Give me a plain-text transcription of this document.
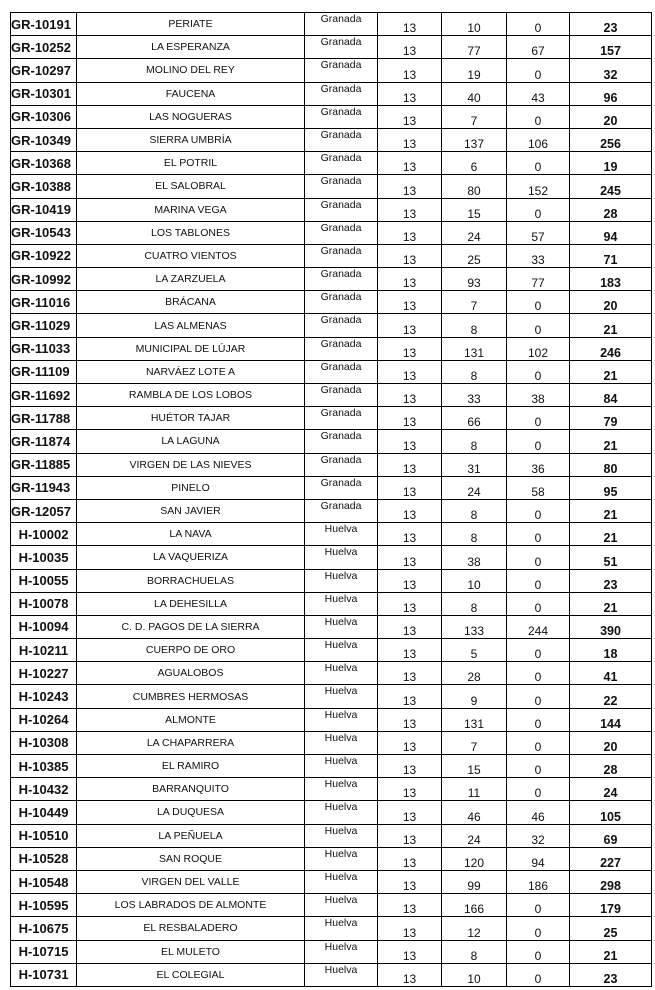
GR-10191	PERIATE	Granada	13	10	0	23
GR-10252	LA ESPERANZA	Granada	13	77	67	157
GR-10297	MOLINO DEL REY	Granada	13	19	0	32
GR-10301	FAUCENA	Granada	13	40	43	96
GR-10306	LAS NOGUERAS	Granada	13	7	0	20
GR-10349	SIERRA UMBRÍA	Granada	13	137	106	256
GR-10368	EL POTRIL	Granada	13	6	0	19
GR-10388	EL SALOBRAL	Granada	13	80	152	245
GR-10419	MARINA VEGA	Granada	13	15	0	28
GR-10543	LOS TABLONES	Granada	13	24	57	94
GR-10922	CUATRO VIENTOS	Granada	13	25	33	71
GR-10992	LA ZARZUELA	Granada	13	93	77	183
GR-11016	BRÁCANA	Granada	13	7	0	20
GR-11029	LAS ALMENAS	Granada	13	8	0	21
GR-11033	MUNICIPAL DE LÚJAR	Granada	13	131	102	246
GR-11109	NARVÁEZ LOTE A	Granada	13	8	0	21
GR-11692	RAMBLA DE LOS LOBOS	Granada	13	33	38	84
GR-11788	HUÉTOR TAJAR	Granada	13	66	0	79
GR-11874	LA LAGUNA	Granada	13	8	0	21
GR-11885	VIRGEN DE LAS NIEVES	Granada	13	31	36	80
GR-11943	PINELO	Granada	13	24	58	95
GR-12057	SAN JAVIER	Granada	13	8	0	21
H-10002	LA NAVA	Huelva	13	8	0	21
H-10035	LA VAQUERIZA	Huelva	13	38	0	51
H-10055	BORRACHUELAS	Huelva	13	10	0	23
H-10078	LA DEHESILLA	Huelva	13	8	0	21
H-10094	C. D. PAGOS DE LA SIERRA	Huelva	13	133	244	390
H-10211	CUERPO DE ORO	Huelva	13	5	0	18
H-10227	AGUALOBOS	Huelva	13	28	0	41
H-10243	CUMBRES HERMOSAS	Huelva	13	9	0	22
H-10264	ALMONTE	Huelva	13	131	0	144
H-10308	LA CHAPARRERA	Huelva	13	7	0	20
H-10385	EL RAMIRO	Huelva	13	15	0	28
H-10432	BARRANQUITO	Huelva	13	11	0	24
H-10449	LA DUQUESA	Huelva	13	46	46	105
H-10510	LA PEÑUELA	Huelva	13	24	32	69
H-10528	SAN ROQUE	Huelva	13	120	94	227
H-10548	VIRGEN DEL VALLE	Huelva	13	99	186	298
H-10595	LOS LABRADOS DE ALMONTE	Huelva	13	166	0	179
H-10675	EL RESBALADERO	Huelva	13	12	0	25
H-10715	EL MULETO	Huelva	13	8	0	21
H-10731	EL COLEGIAL	Huelva	13	10	0	23
